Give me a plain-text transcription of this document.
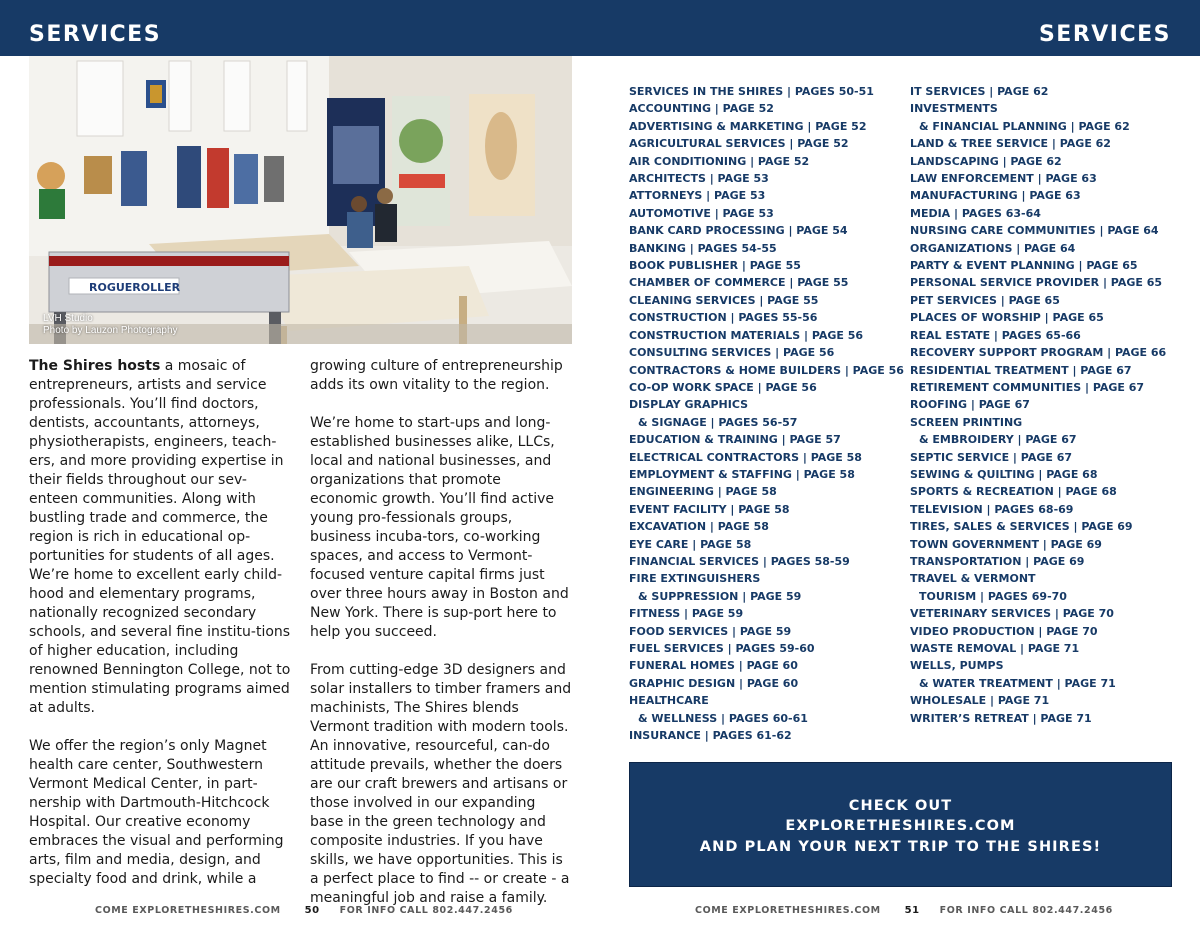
SERVICES	SERVICES
ROGUEROLLER
LVH Studio
Photo by Lauzon Photography

The Shires hosts a mosaic of entrepreneurs, artists and service professionals. You’ll find doctors, dentists, accountants, attorneys, physiotherapists, engineers, teach-ers, and more providing expertise in their fields throughout our sev-enteen communities. Along with bustling trade and commerce, the region is rich in educational op-portunities for students of all ages. We’re home to excellent early child-hood and elementary programs, nationally recognized secondary schools, and several fine institu-tions of higher education, including renowned Bennington College, not to mention stimulating programs aimed at adults.

We offer the region’s only Magnet health care center, Southwestern Vermont Medical Center, in part-nership with Dartmouth-Hitchcock Hospital. Our creative economy embraces the visual and performing arts, film and media, design, and specialty food and drink, while a

growing culture of entrepreneurship adds its own vitality to the region.

We’re home to start-ups and long-established businesses alike, LLCs, local and national businesses, and organizations that promote economic growth. You’ll find active young pro-fessionals groups, business incuba-tors, co-working spaces, and access to Vermont-focused venture capital firms just over three hours away in Boston and New York. There is sup-port here to help you succeed.

From cutting-edge 3D designers and solar installers to timber framers and machinists, The Shires blends Vermont tradition with modern tools. An innovative, resourceful, can-do attitude prevails, whether the doers are our craft brewers and artisans or those involved in our expanding base in the green technology and composite industries. If you have skills, we have opportunities. This is a perfect place to find -- or create - a meaningful job and raise a family.

SERVICES IN THE SHIRES | PAGES 50-51
ACCOUNTING | PAGE 52
ADVERTISING & MARKETING | PAGE 52
AGRICULTURAL SERVICES | PAGE 52
AIR CONDITIONING | PAGE 52
ARCHITECTS | PAGE 53
ATTORNEYS | PAGE 53
AUTOMOTIVE | PAGE 53
BANK CARD PROCESSING | PAGE 54
BANKING | PAGES 54-55
BOOK PUBLISHER | PAGE 55
CHAMBER OF COMMERCE | PAGE 55
CLEANING SERVICES | PAGE 55
CONSTRUCTION | PAGES 55-56
CONSTRUCTION MATERIALS | PAGE 56
CONSULTING SERVICES | PAGE 56
CONTRACTORS & HOME BUILDERS | PAGE 56
CO-OP WORK SPACE | PAGE 56
DISPLAY GRAPHICS
& SIGNAGE | PAGES 56-57
EDUCATION & TRAINING | PAGE 57
ELECTRICAL CONTRACTORS | PAGE 58
EMPLOYMENT & STAFFING | PAGE 58
ENGINEERING | PAGE 58
EVENT FACILITY | PAGE 58
EXCAVATION | PAGE 58
EYE CARE | PAGE 58
FINANCIAL SERVICES | PAGES 58-59
FIRE EXTINGUISHERS
& SUPPRESSION | PAGE 59
FITNESS | PAGE 59
FOOD SERVICES | PAGE 59
FUEL SERVICES | PAGES 59-60
FUNERAL HOMES | PAGE 60
GRAPHIC DESIGN | PAGE 60
HEALTHCARE
& WELLNESS | PAGES 60-61
INSURANCE | PAGES 61-62
IT SERVICES | PAGE 62
INVESTMENTS
& FINANCIAL PLANNING | PAGE 62
LAND & TREE SERVICE | PAGE 62
LANDSCAPING | PAGE 62
LAW ENFORCEMENT | PAGE 63
MANUFACTURING | PAGE 63
MEDIA | PAGES 63-64
NURSING CARE COMMUNITIES | PAGE 64
ORGANIZATIONS | PAGE 64
PARTY & EVENT PLANNING | PAGE 65
PERSONAL SERVICE PROVIDER | PAGE 65
PET SERVICES | PAGE 65
PLACES OF WORSHIP | PAGE 65
REAL ESTATE | PAGES 65-66
RECOVERY SUPPORT PROGRAM | PAGE 66
RESIDENTIAL TREATMENT | PAGE 67
RETIREMENT COMMUNITIES | PAGE 67
ROOFING | PAGE 67
SCREEN PRINTING
& EMBROIDERY | PAGE 67
SEPTIC SERVICE | PAGE 67
SEWING & QUILTING | PAGE 68
SPORTS & RECREATION | PAGE 68
TELEVISION | PAGES 68-69
TIRES, SALES & SERVICES | PAGE 69
TOWN GOVERNMENT | PAGE 69
TRANSPORTATION | PAGE 69
TRAVEL & VERMONT
TOURISM | PAGES 69-70
VETERINARY SERVICES | PAGE 70
VIDEO PRODUCTION | PAGE 70
WASTE REMOVAL | PAGE 71
WELLS, PUMPS
& WATER TREATMENT | PAGE 71
WHOLESALE | PAGE 71
WRITER’S RETREAT | PAGE 71
CHECK OUT
EXPLORETHESHIRES.COM
AND PLAN YOUR NEXT TRIP TO THE SHIRES!
COME EXPLORETHESHIRES.COM 50 FOR INFO CALL 802.447.2456	COME EXPLORETHESHIRES.COM 51 FOR INFO CALL 802.447.2456
